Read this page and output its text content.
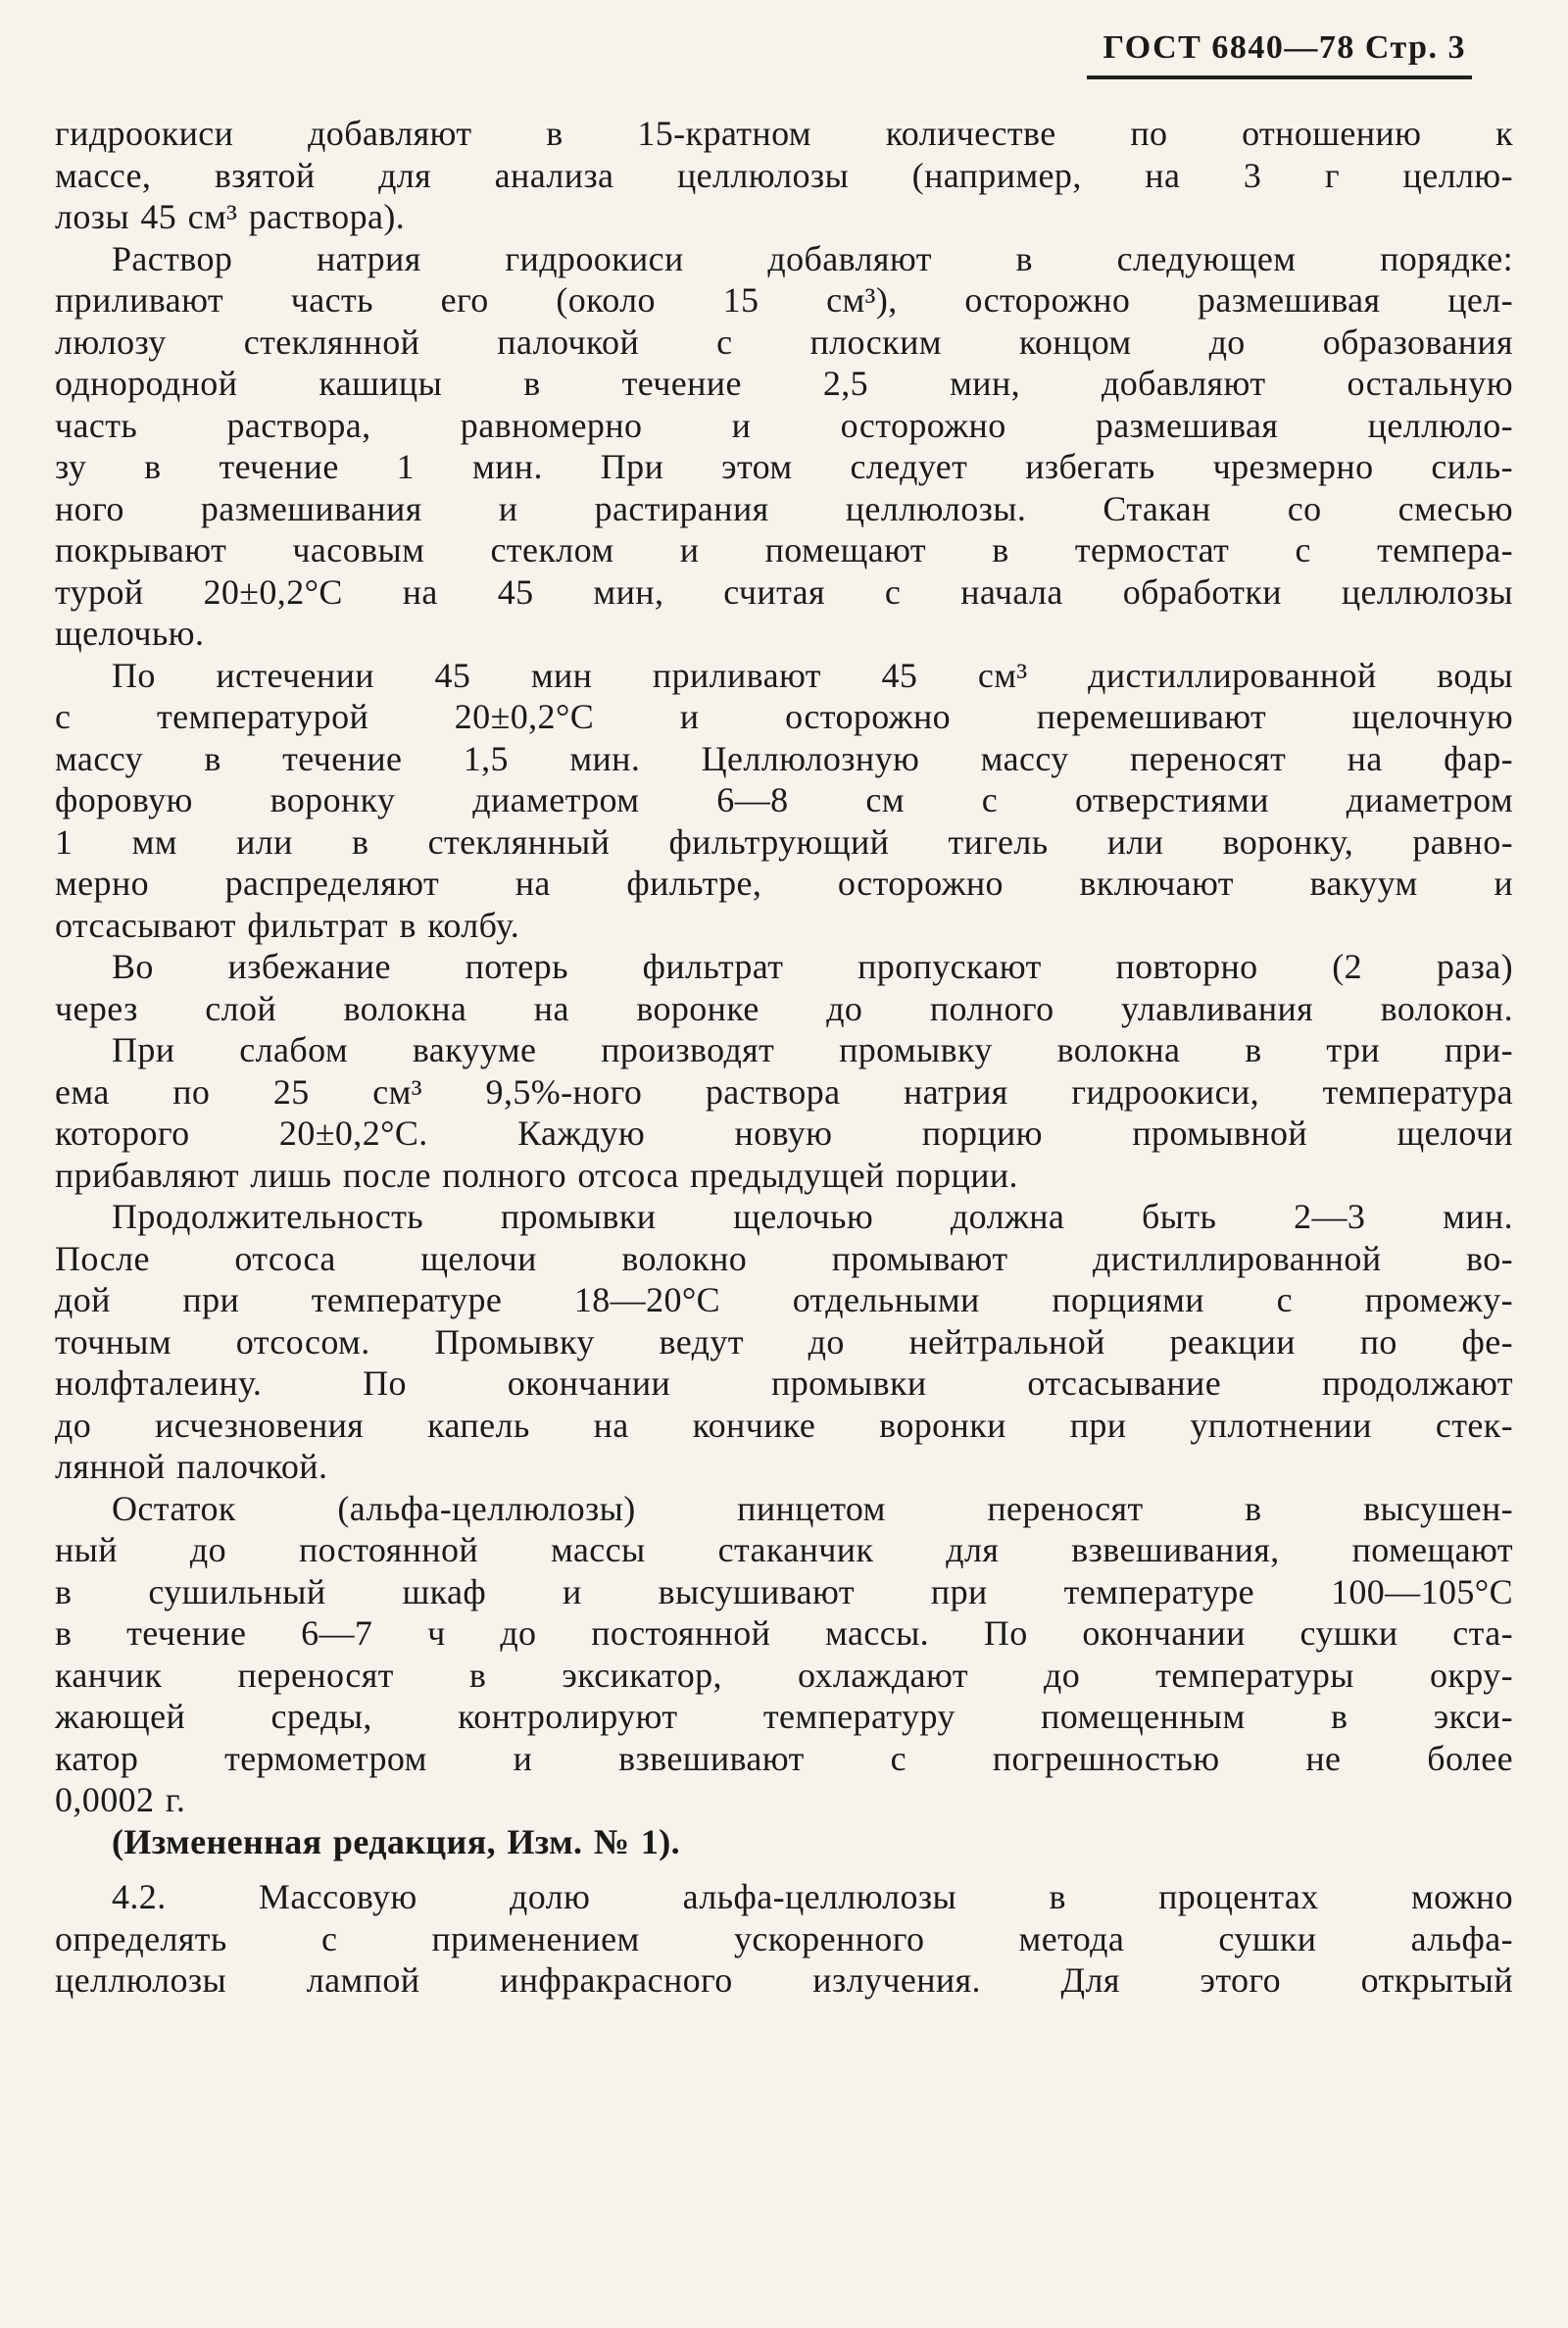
ГОСТ 6840—78 Стр. 3

гидроокиси добавляют в 15-кратном количестве по отношению к
массе, взятой для анализа целлюлозы (например, на 3 г целлю-
лозы 45 см³ раствора).

Раствор натрия гидроокиси добавляют в следующем порядке:
приливают часть его (около 15 см³), осторожно размешивая цел-
люлозу стеклянной палочкой с плоским концом до образования
однородной кашицы в течение 2,5 мин, добавляют остальную
часть раствора, равномерно и осторожно размешивая целлюло-
зу в течение 1 мин. При этом следует избегать чрезмерно силь-
ного размешивания и растирания целлюлозы. Стакан со смесью
покрывают часовым стеклом и помещают в термостат с темпера-
турой 20±0,2°С на 45 мин, считая с начала обработки целлюлозы
щелочью.

По истечении 45 мин приливают 45 см³ дистиллированной воды
с температурой 20±0,2°С и осторожно перемешивают щелочную
массу в течение 1,5 мин. Целлюлозную массу переносят на фар-
форовую воронку диаметром 6—8 см с отверстиями диаметром
1 мм или в стеклянный фильтрующий тигель или воронку, равно-
мерно распределяют на фильтре, осторожно включают вакуум и
отсасывают фильтрат в колбу.

Во избежание потерь фильтрат пропускают повторно (2 раза)
через слой волокна на воронке до полного улавливания волокон.

При слабом вакууме производят промывку волокна в три при-
ема по 25 см³ 9,5%-ного раствора натрия гидроокиси, температура
которого 20±0,2°С. Каждую новую порцию промывной щелочи
прибавляют лишь после полного отсоса предыдущей порции.

Продолжительность промывки щелочью должна быть 2—3 мин.
После отсоса щелочи волокно промывают дистиллированной во-
дой при температуре 18—20°С отдельными порциями с промежу-
точным отсосом. Промывку ведут до нейтральной реакции по фе-
нолфталеину. По окончании промывки отсасывание продолжают
до исчезновения капель на кончике воронки при уплотнении стек-
лянной палочкой.

Остаток (альфа-целлюлозы) пинцетом переносят в высушен-
ный до постоянной массы стаканчик для взвешивания, помещают
в сушильный шкаф и высушивают при температуре 100—105°С
в течение 6—7 ч до постоянной массы. По окончании сушки ста-
канчик переносят в эксикатор, охлаждают до температуры окру-
жающей среды, контролируют температуру помещенным в экси-
катор термометром и взвешивают с погрешностью не более
0,0002 г.

(Измененная редакция, Изм. № 1).

4.2. Массовую долю альфа-целлюлозы в процентах можно
определять с применением ускоренного метода сушки альфа-
целлюлозы лампой инфракрасного излучения. Для этого открытый
